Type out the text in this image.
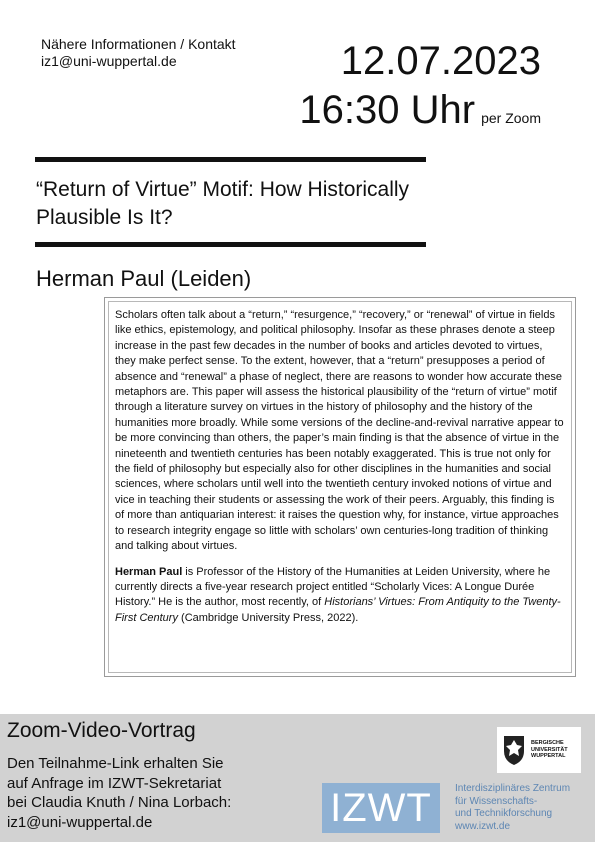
Nähere Informationen / Kontakt
iz1@uni-wuppertal.de	12.07.2023
16:30 Uhr per Zoom
“Return of Virtue” Motif: How Historically
Plausible Is It?
Herman Paul (Leiden)

Scholars often talk about a “return,” “resurgence,” “recovery,” or “renewal” of virtue in fields like ethics, epistemology, and political philosophy. Insofar as these phrases denote a steep increase in the past few decades in the number of books and articles devoted to virtues, they make perfect sense. To the extent, however, that a “return” presupposes a period of absence and “renewal” a phase of neglect, there are reasons to wonder how accurate these metaphors are. This paper will assess the historical plausibility of the “return of virtue” motif through a literature survey on virtues in the history of philosophy and the history of the humanities more broadly. While some versions of the decline-and-revival narrative appear to be more convincing than others, the paper’s main finding is that the absence of virtue in the nineteenth and twentieth centuries has been notably exaggerated. This is true not only for the field of philosophy but especially also for other disciplines in the humanities and social sciences, where scholars until well into the twentieth century invoked notions of virtue and vice in teaching their students or assessing the work of their peers. Arguably, this finding is of more than antiquarian interest: it raises the question why, for instance, virtue approaches to research integrity engage so little with scholars’ own centuries-long tradition of thinking and talking about virtues.

Herman Paul is Professor of the History of the Humanities at Leiden University, where he currently directs a five-year research project entitled “Scholarly Vices: A Longue Durée History.” He is the author, most recently, of Historians’ Virtues: From Antiquity to the Twenty-First Century (Cambridge University Press, 2022).

Zoom-Video-Vortrag
Den Teilnahme-Link erhalten Sie
auf Anfrage im IZWT-Sekretariat
bei Claudia Knuth / Nina Lorbach:
iz1@uni-wuppertal.de
BERGISCHE
UNIVERSITÄT
WUPPERTAL
IZWT	Interdisziplinäres Zentrum
für Wissenschafts-
und Technikforschung
www.izwt.de
